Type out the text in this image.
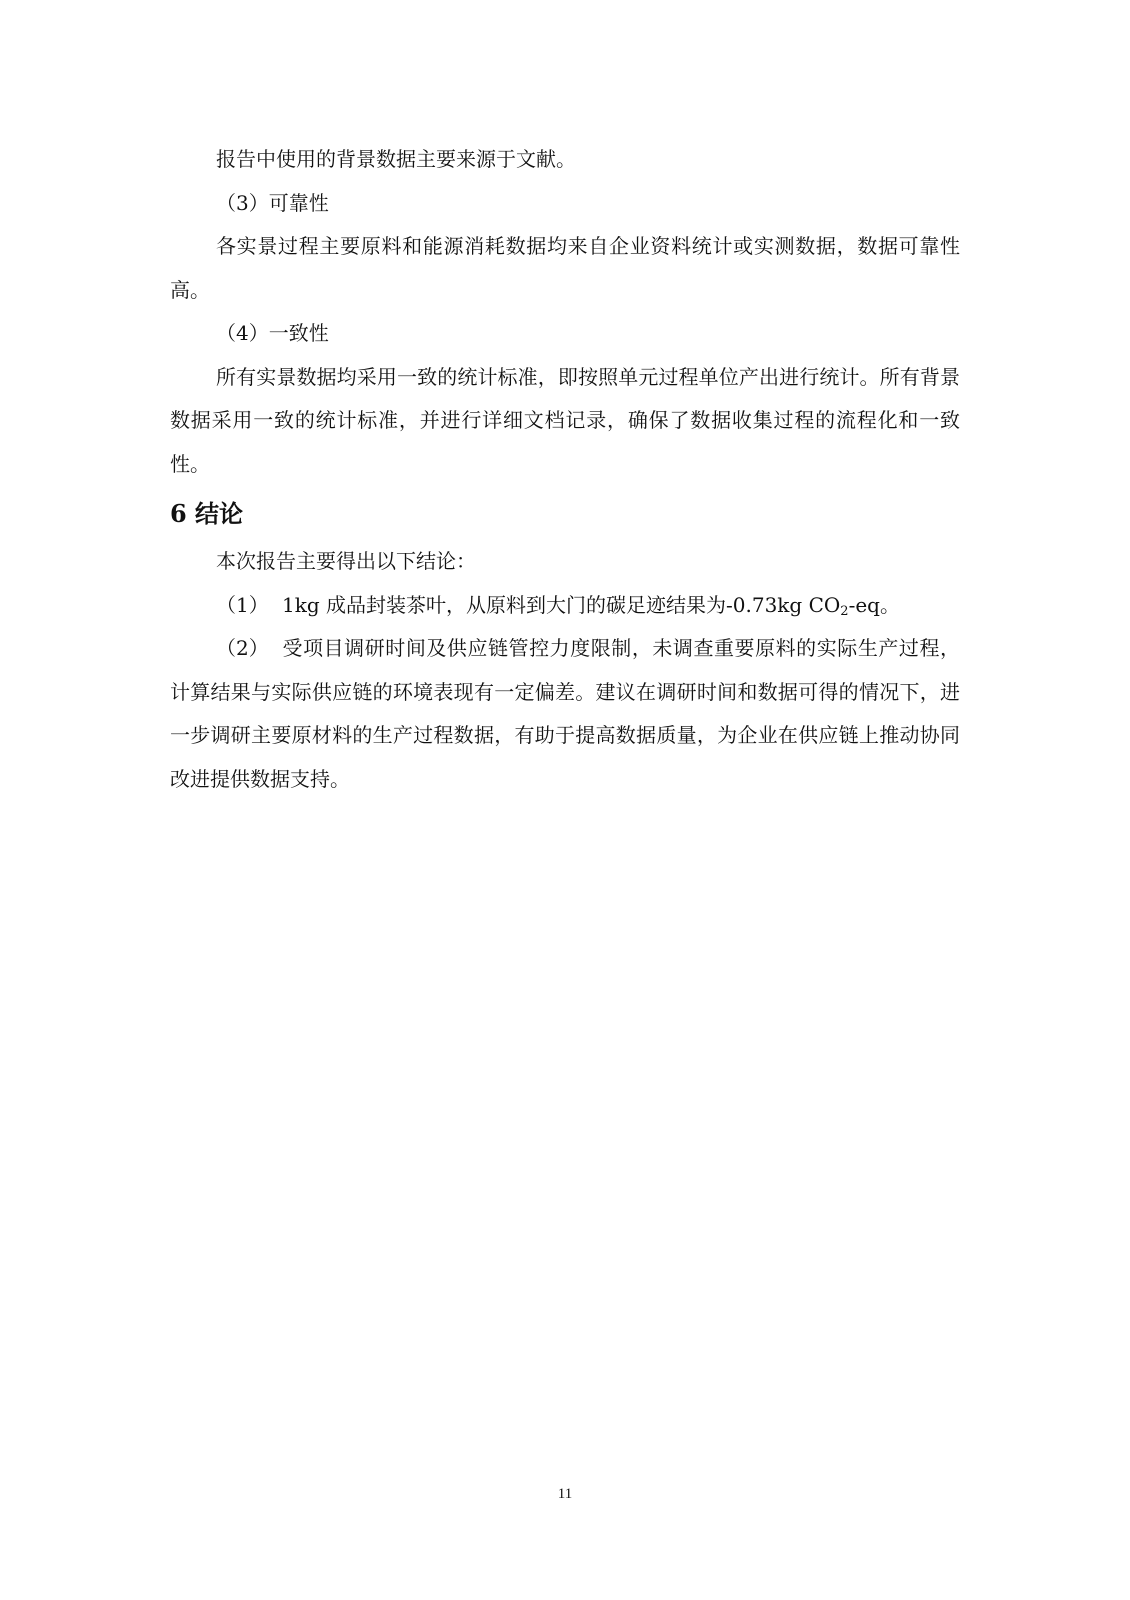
报告中使用的背景数据主要来源于文献。

（3）可靠性

各实景过程主要原料和能源消耗数据均来自企业资料统计或实测数据，数据可靠性高。

（4）一致性

所有实景数据均采用一致的统计标准，即按照单元过程单位产出进行统计。所有背景数据采用一致的统计标准，并进行详细文档记录，确保了数据收集过程的流程化和一致性。

6 结论

本次报告主要得出以下结论：

（1） 1kg 成品封装茶叶，从原料到大门的碳足迹结果为-0.73kg $CO_2-eq$。

（2） 受项目调研时间及供应链管控力度限制，未调查重要原料的实际生产过程，计算结果与实际供应链的环境表现有一定偏差。建议在调研时间和数据可得的情况下，进一步调研主要原材料的生产过程数据，有助于提高数据质量，为企业在供应链上推动协同改进提供数据支持。

11
